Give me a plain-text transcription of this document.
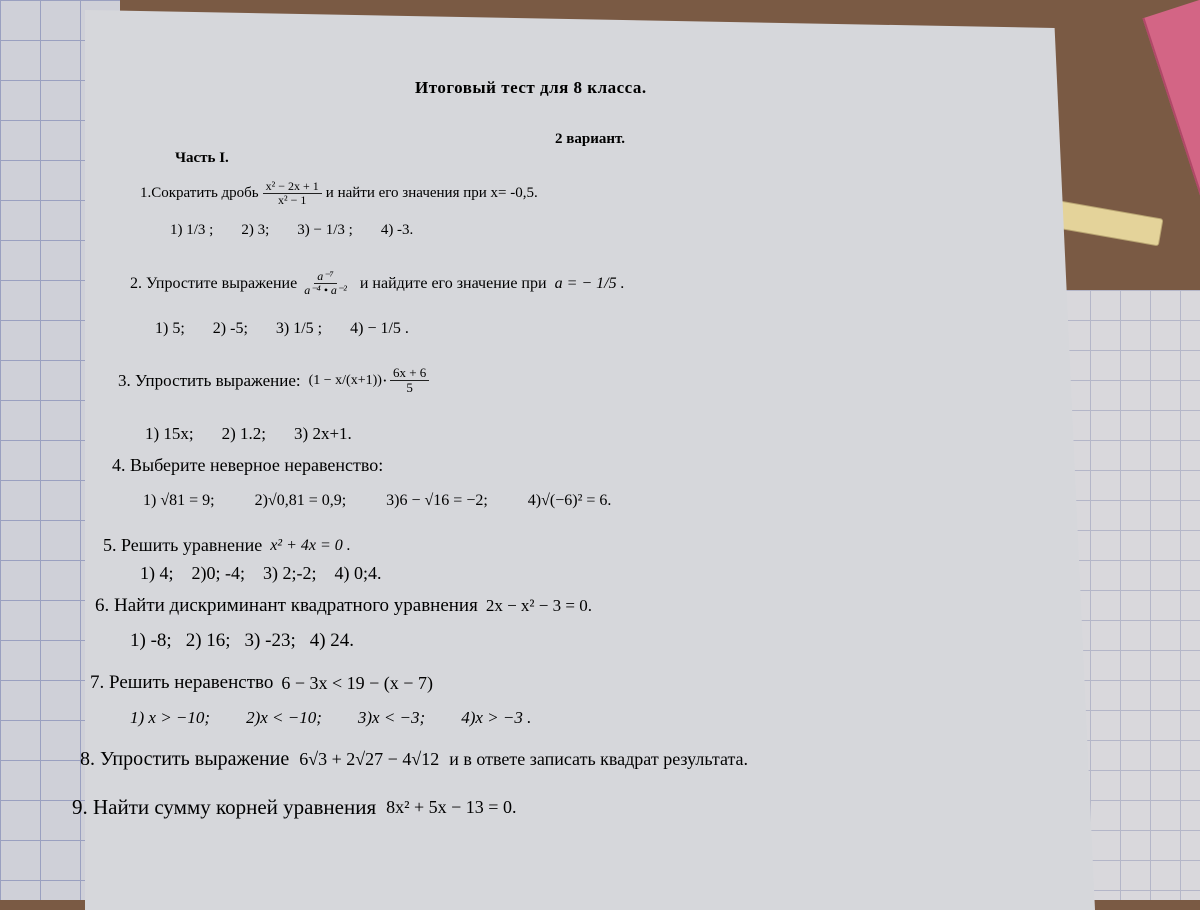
Итоговый тест для 8 класса.
2 вариант.
Часть I.
1.Сократить дробь $\frac{\text{х² − 2х + 1}}{\text{х² − 1}}$ и найти его значения при х= -0,5.
1) 1/3 ; 2) 3; 3) − 1/3 ; 4) -3.
2. Упростите выражение $\frac{\text{a⁻⁷}}{\text{a⁻⁴ • a⁻²}}$ и найдите его значение при a = − 1/5 .
1) 5; 2) -5; 3) 1/5 ; 4) − 1/5 .
3. Упростить выражение: $(1 - x/(x+1)) \cdot \frac{6x + 6}{5}$
1) 15x; 2) 1.2; 3) 2x+1.
4. Выберите неверное неравенство:
1) √81 = 9;	2)√0,81 = 0,9;	3)6 − √16 = −2;	4)√(−6)² = 6.
5. Решить уравнение х² + 4х = 0 .
1) 4; 2)0; -4; 3) 2;-2; 4) 0;4.
6. Найти дискриминант квадратного уравнения 2х − х² − 3 = 0.
1) -8; 2) 16; 3) -23; 4) 24.
7. Решить неравенство 6 − 3x < 19 − (х − 7)
1) x > −10; 2)x < −10; 3)x < −3; 4)x > −3 .
8. Упростить выражение 6√3 + 2√27 − 4√12 и в ответе записать квадрат результата.
9. Найти сумму корней уравнения 8х² + 5х − 13 = 0.
